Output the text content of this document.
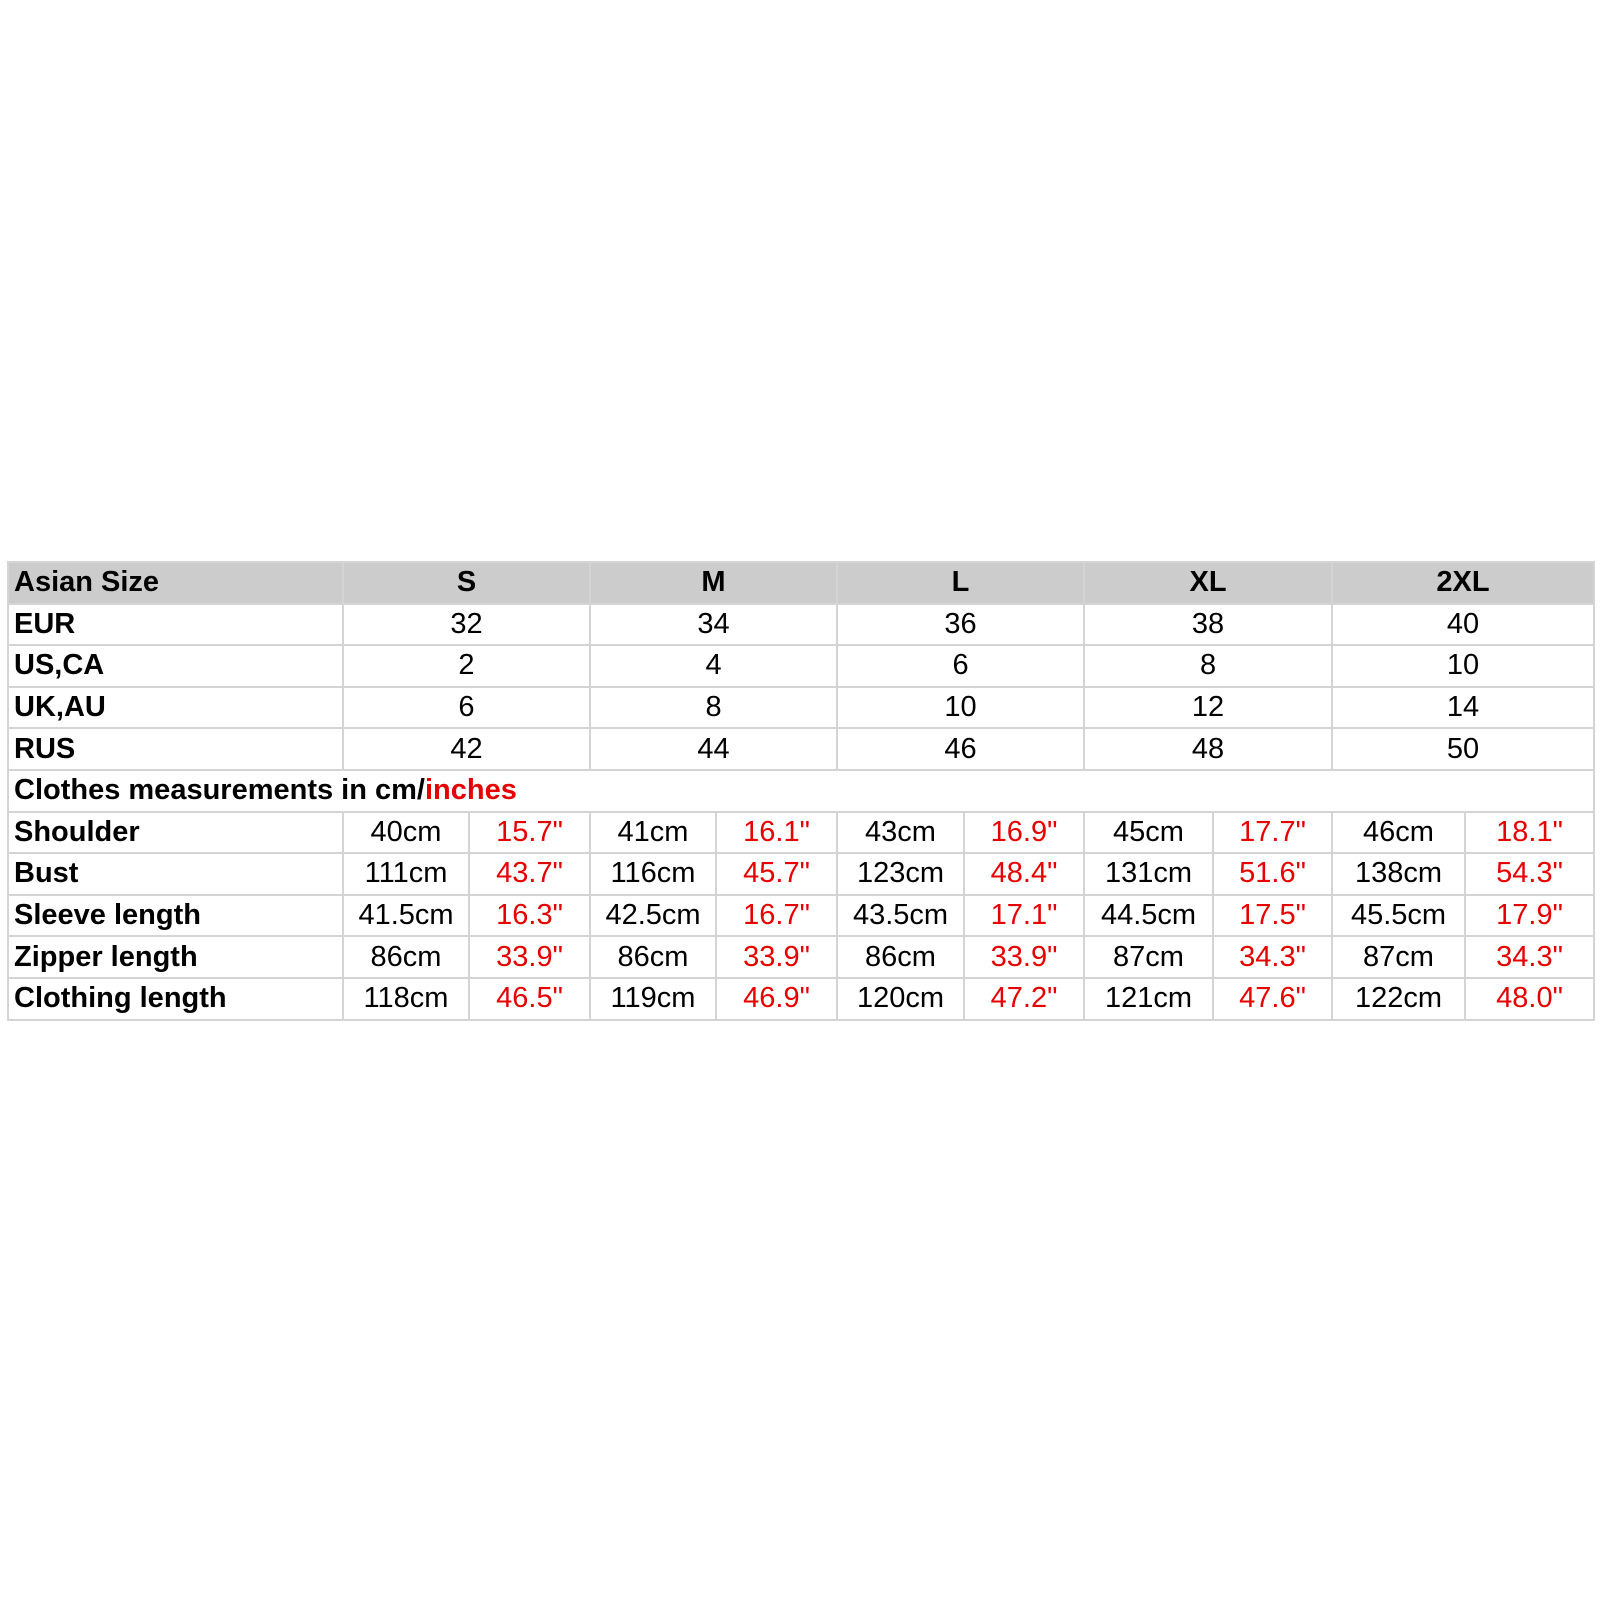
Asian Size	S		M		L		XL		2XL	
EUR	32		34		36		38		40	
US,CA	2		4		6		8		10	
UK,AU	6		8		10		12		14	
RUS	42		44		46		48		50	
Clothes measurements in cm/inches										
Shoulder	40cm	15.7"	41cm	16.1"	43cm	16.9"	45cm	17.7"	46cm	18.1"
Bust	111cm	43.7"	116cm	45.7"	123cm	48.4"	131cm	51.6"	138cm	54.3"
Sleeve length	41.5cm	16.3"	42.5cm	16.7"	43.5cm	17.1"	44.5cm	17.5"	45.5cm	17.9"
Zipper length	86cm	33.9"	86cm	33.9"	86cm	33.9"	87cm	34.3"	87cm	34.3"
Clothing length	118cm	46.5"	119cm	46.9"	120cm	47.2"	121cm	47.6"	122cm	48.0"
